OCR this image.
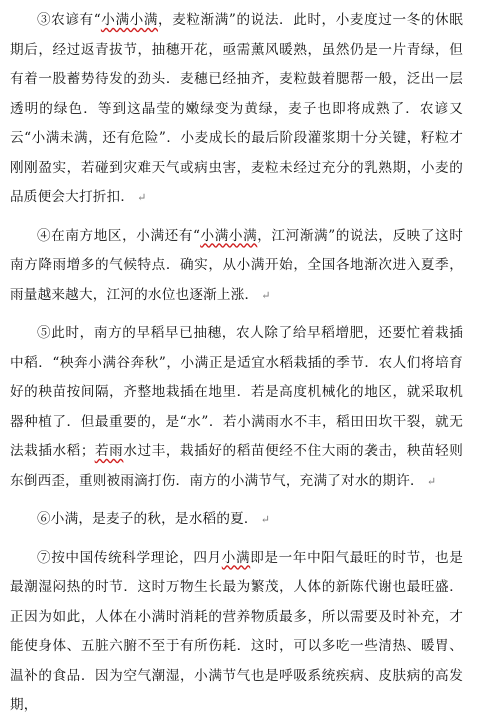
③农谚有“小满小满，麦粒渐满”的说法．此时，小麦度过一冬的休眠期后，经过返青拔节，抽穗开花，亟需薰风暖熟，虽然仍是一片青绿，但有着一股蓄势待发的劲头．麦穗已经抽齐，麦粒鼓着腮帮一般，泛出一层透明的绿色．等到这晶莹的嫩绿变为黄绿，麦子也即将成熟了．农谚又云“小满未满，还有危险”．小麦成长的最后阶段灌浆期十分关键，籽粒才刚刚盈实，若碰到灾难天气或病虫害，麦粒未经过充分的乳熟期，小麦的品质便会大打折扣． ↵

④在南方地区，小满还有“小满小满，江河渐满”的说法，反映了这时南方降雨增多的气候特点．确实，从小满开始，全国各地渐次进入夏季，雨量越来越大，江河的水位也逐渐上涨． ↵

⑤此时，南方的早稻早已抽穗，农人除了给早稻增肥，还要忙着栽插中稻．“秧奔小满谷奔秋”，小满正是适宜水稻栽插的季节．农人们将培育好的秧苗按间隔，齐整地栽插在地里．若是高度机械化的地区，就采取机器种植了．但最重要的，是“水”．若小满雨水不丰，稻田田坎干裂，就无法栽插水稻；若雨水过丰，栽插好的稻苗便经不住大雨的袭击，秧苗轻则东倒西歪，重则被雨滴打伤．南方的小满节气，充满了对水的期许． ↵

⑥小满，是麦子的秋，是水稻的夏． ↵

⑦按中国传统科学理论，四月小满即是一年中阳气最旺的时节，也是最潮湿闷热的时节．这时万物生长最为繁茂，人体的新陈代谢也最旺盛．正因为如此，人体在小满时消耗的营养物质最多，所以需要及时补充，才能使身体、五脏六腑不至于有所伤耗．这时，可以多吃一些清热、暖胃、温补的食品．因为空气潮湿，小满节气也是呼吸系统疾病、皮肤病的高发期，
